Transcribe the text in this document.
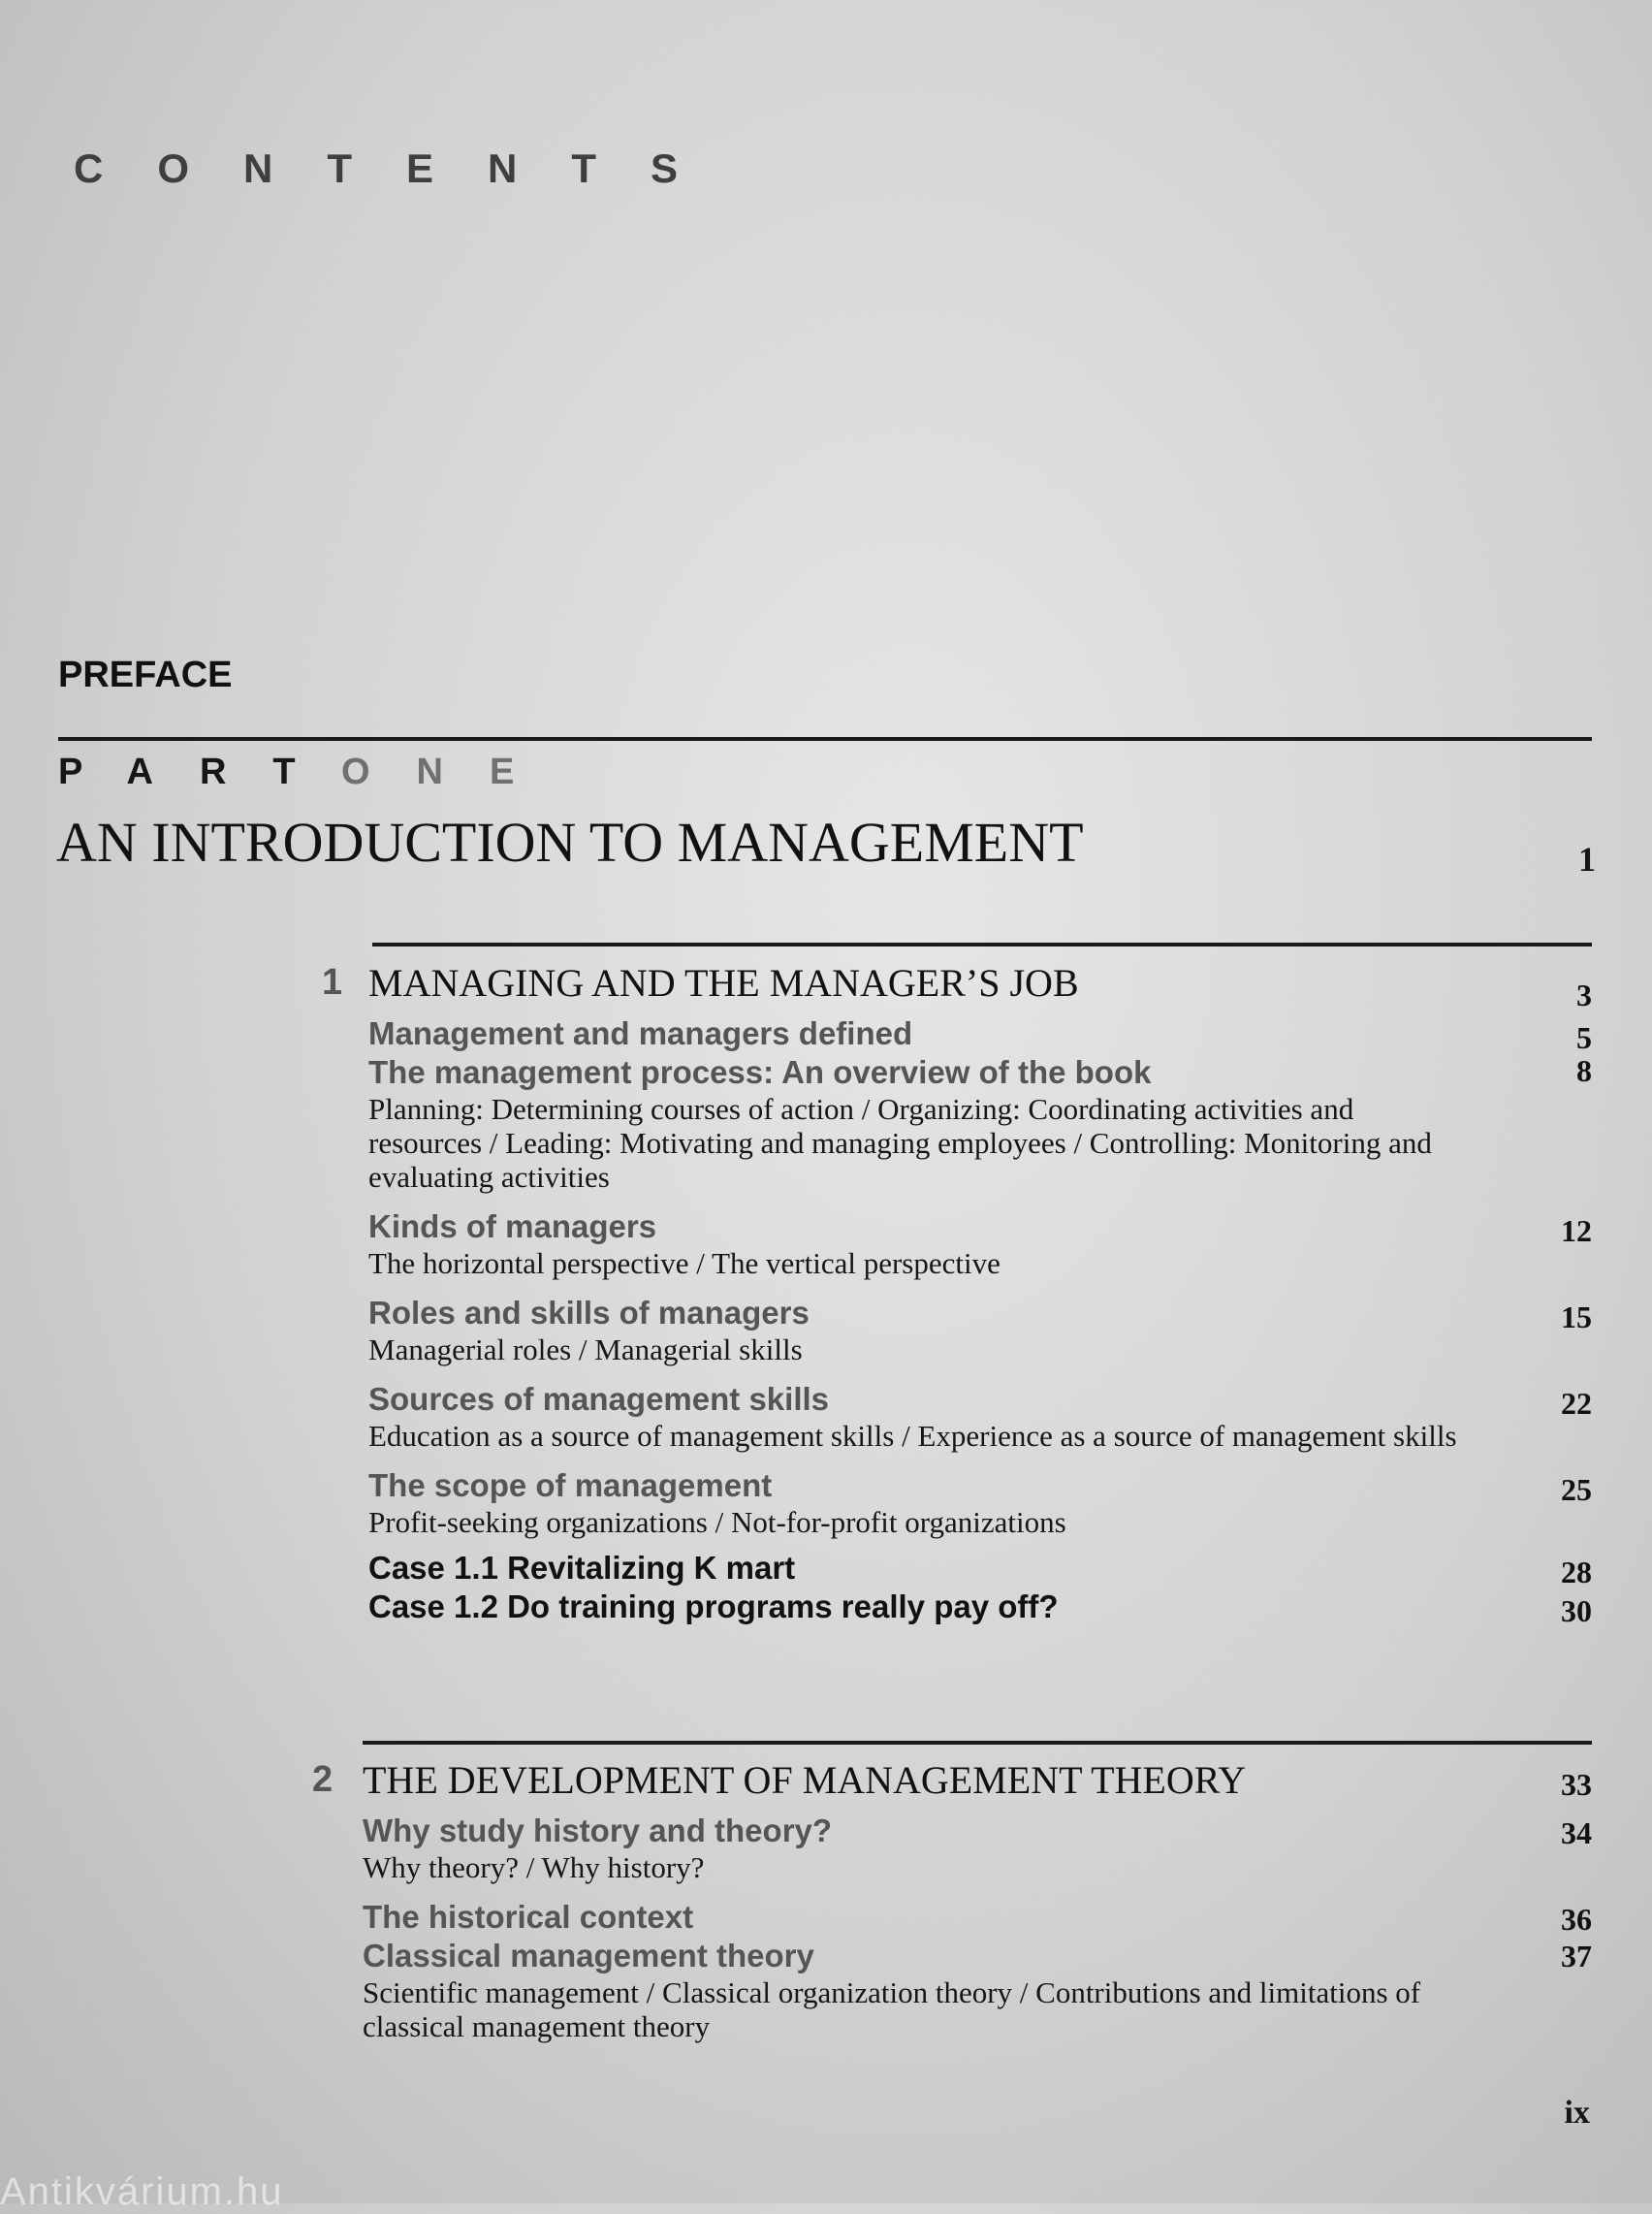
CONTENTS
PREFACE
PARTONE
AN INTRODUCTION TO MANAGEMENT	1
1 MANAGING AND THE MANAGER’S JOB	3
Management and managers defined	5
The management process: An overview of the book	8
Planning: Determining courses of action / Organizing: Coordinating activities and resources / Leading: Motivating and managing employees / Controlling: Monitoring and evaluating activities
Kinds of managers	12
The horizontal perspective / The vertical perspective
Roles and skills of managers	15
Managerial roles / Managerial skills
Sources of management skills	22
Education as a source of management skills / Experience as a source of management skills
The scope of management	25
Profit-seeking organizations / Not-for-profit organizations
Case 1.1 Revitalizing K mart	28
Case 1.2 Do training programs really pay off?	30
2 THE DEVELOPMENT OF MANAGEMENT THEORY	33
Why study history and theory?	34
Why theory? / Why history?
The historical context	36
Classical management theory	37
Scientific management / Classical organization theory / Contributions and limitations of classical management theory
ix
Antikvárium.hu
